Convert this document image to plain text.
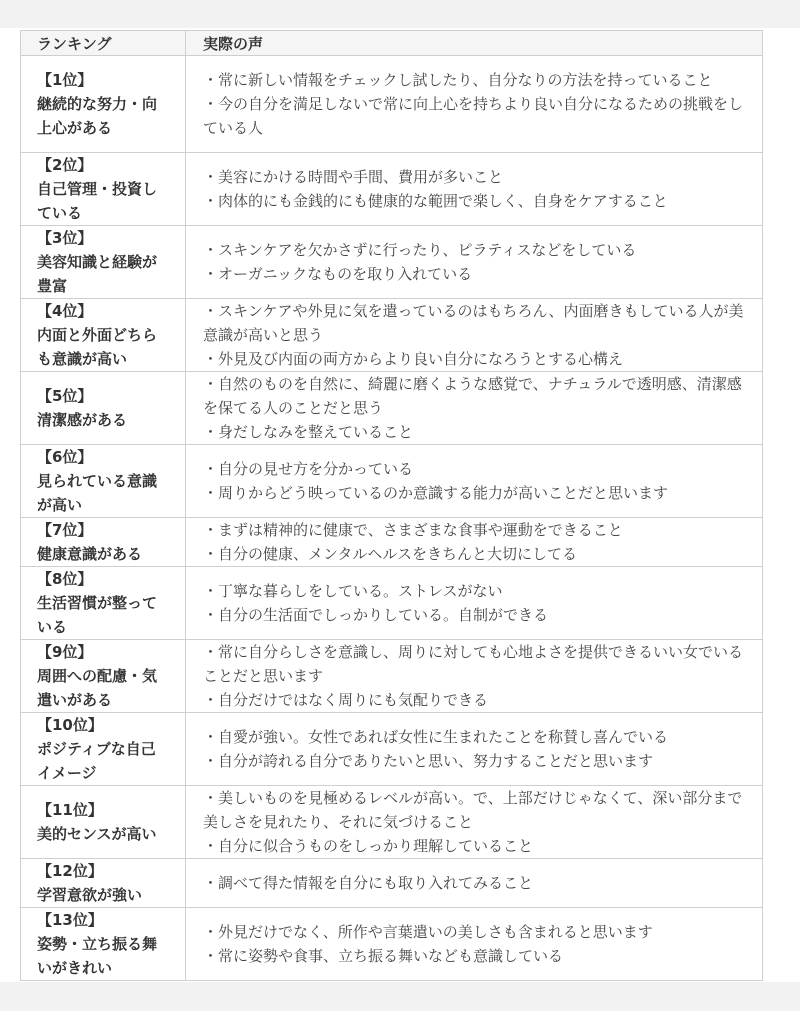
ランキング	実際の声

【1位】
継続的な努力・向
上心がある	・常に新しい情報をチェックし試したり、自分なりの方法を持っていること
・今の自分を満足しないで常に向上心を持ちより良い自分になるための挑戦をしている人

【2位】
自己管理・投資し
ている	・美容にかける時間や手間、費用が多いこと
・肉体的にも金銭的にも健康的な範囲で楽しく、自身をケアすること

【3位】
美容知識と経験が
豊富	・スキンケアを欠かさずに行ったり、ピラティスなどをしている
・オーガニックなものを取り入れている

【4位】
内面と外面どちら
も意識が高い	・スキンケアや外見に気を遣っているのはもちろん、内面磨きもしている人が美意識が高いと思う
・外見及び内面の両方からより良い自分になろうとする心構え

【5位】
清潔感がある	・自然のものを自然に、綺麗に磨くような感覚で、ナチュラルで透明感、清潔感を保てる人のことだと思う
・身だしなみを整えていること

【6位】
見られている意識
が高い	・自分の見せ方を分かっている
・周りからどう映っているのか意識する能力が高いことだと思います

【7位】
健康意識がある	・まずは精神的に健康で、さまざまな食事や運動をできること
・自分の健康、メンタルヘルスをきちんと大切にしてる

【8位】
生活習慣が整って
いる	・丁寧な暮らしをしている。ストレスがない
・自分の生活面でしっかりしている。自制ができる

【9位】
周囲への配慮・気
遣いがある	・常に自分らしさを意識し、周りに対しても心地よさを提供できるいい女でいることだと思います
・自分だけではなく周りにも気配りできる

【10位】
ポジティブな自己
イメージ	・自愛が強い。女性であれば女性に生まれたことを称賛し喜んでいる
・自分が誇れる自分でありたいと思い、努力することだと思います

【11位】
美的センスが高い	・美しいものを見極めるレベルが高い。で、上部だけじゃなくて、深い部分まで美しさを見れたり、それに気づけること
・自分に似合うものをしっかり理解していること

【12位】
学習意欲が強い	・調べて得た情報を自分にも取り入れてみること

【13位】
姿勢・立ち振る舞
いがきれい	・外見だけでなく、所作や言葉遣いの美しさも含まれると思います
・常に姿勢や食事、立ち振る舞いなども意識している
